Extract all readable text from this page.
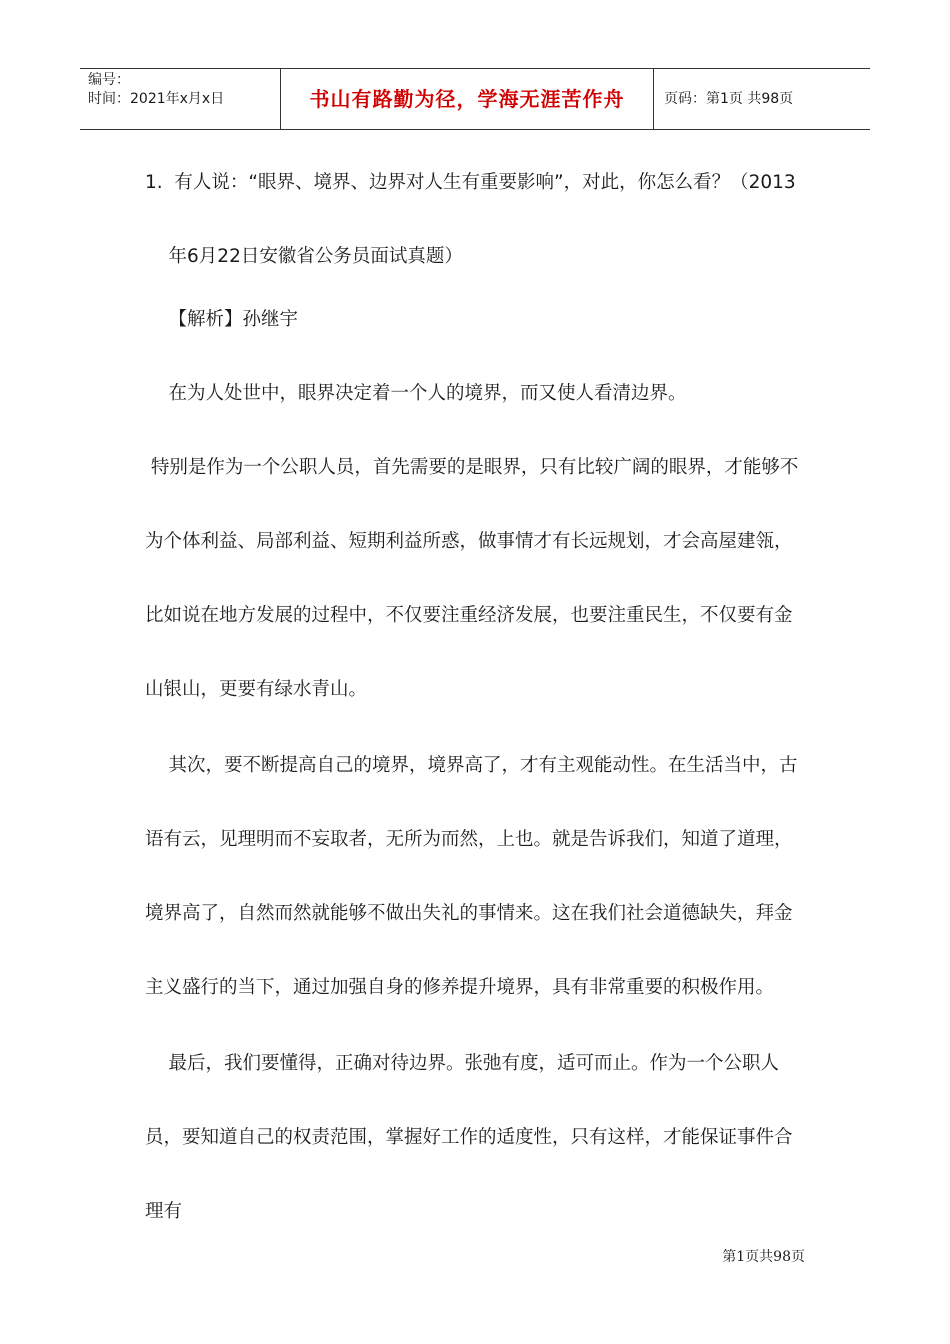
编号：
时间：2021年x月x日	书山有路勤为径，学海无涯苦作舟	页码：第1页 共98页

1.  有人说：“眼界、境界、边界对人生有重要影响”，对此，你怎么看？（2013
年6月22日安徽省公务员面试真题）

【解析】孙继宇

在为人处世中，眼界决定着一个人的境界，而又使人看清边界。

特别是作为一个公职人员，首先需要的是眼界，只有比较广阔的眼界，才能够不为个体利益、局部利益、短期利益所惑，做事情才有长远规划，才会高屋建瓴，比如说在地方发展的过程中，不仅要注重经济发展，也要注重民生，不仅要有金山银山，更要有绿水青山。

其次，要不断提高自己的境界，境界高了，才有主观能动性。在生活当中，古语有云，见理明而不妄取者，无所为而然，上也。就是告诉我们，知道了道理，境界高了，自然而然就能够不做出失礼的事情来。这在我们社会道德缺失，拜金主义盛行的当下，通过加强自身的修养提升境界，具有非常重要的积极作用。

最后，我们要懂得，正确对待边界。张弛有度，适可而止。作为一个公职人员，要知道自己的权责范围，掌握好工作的适度性，只有这样，才能保证事件合理有

第1页共98页
